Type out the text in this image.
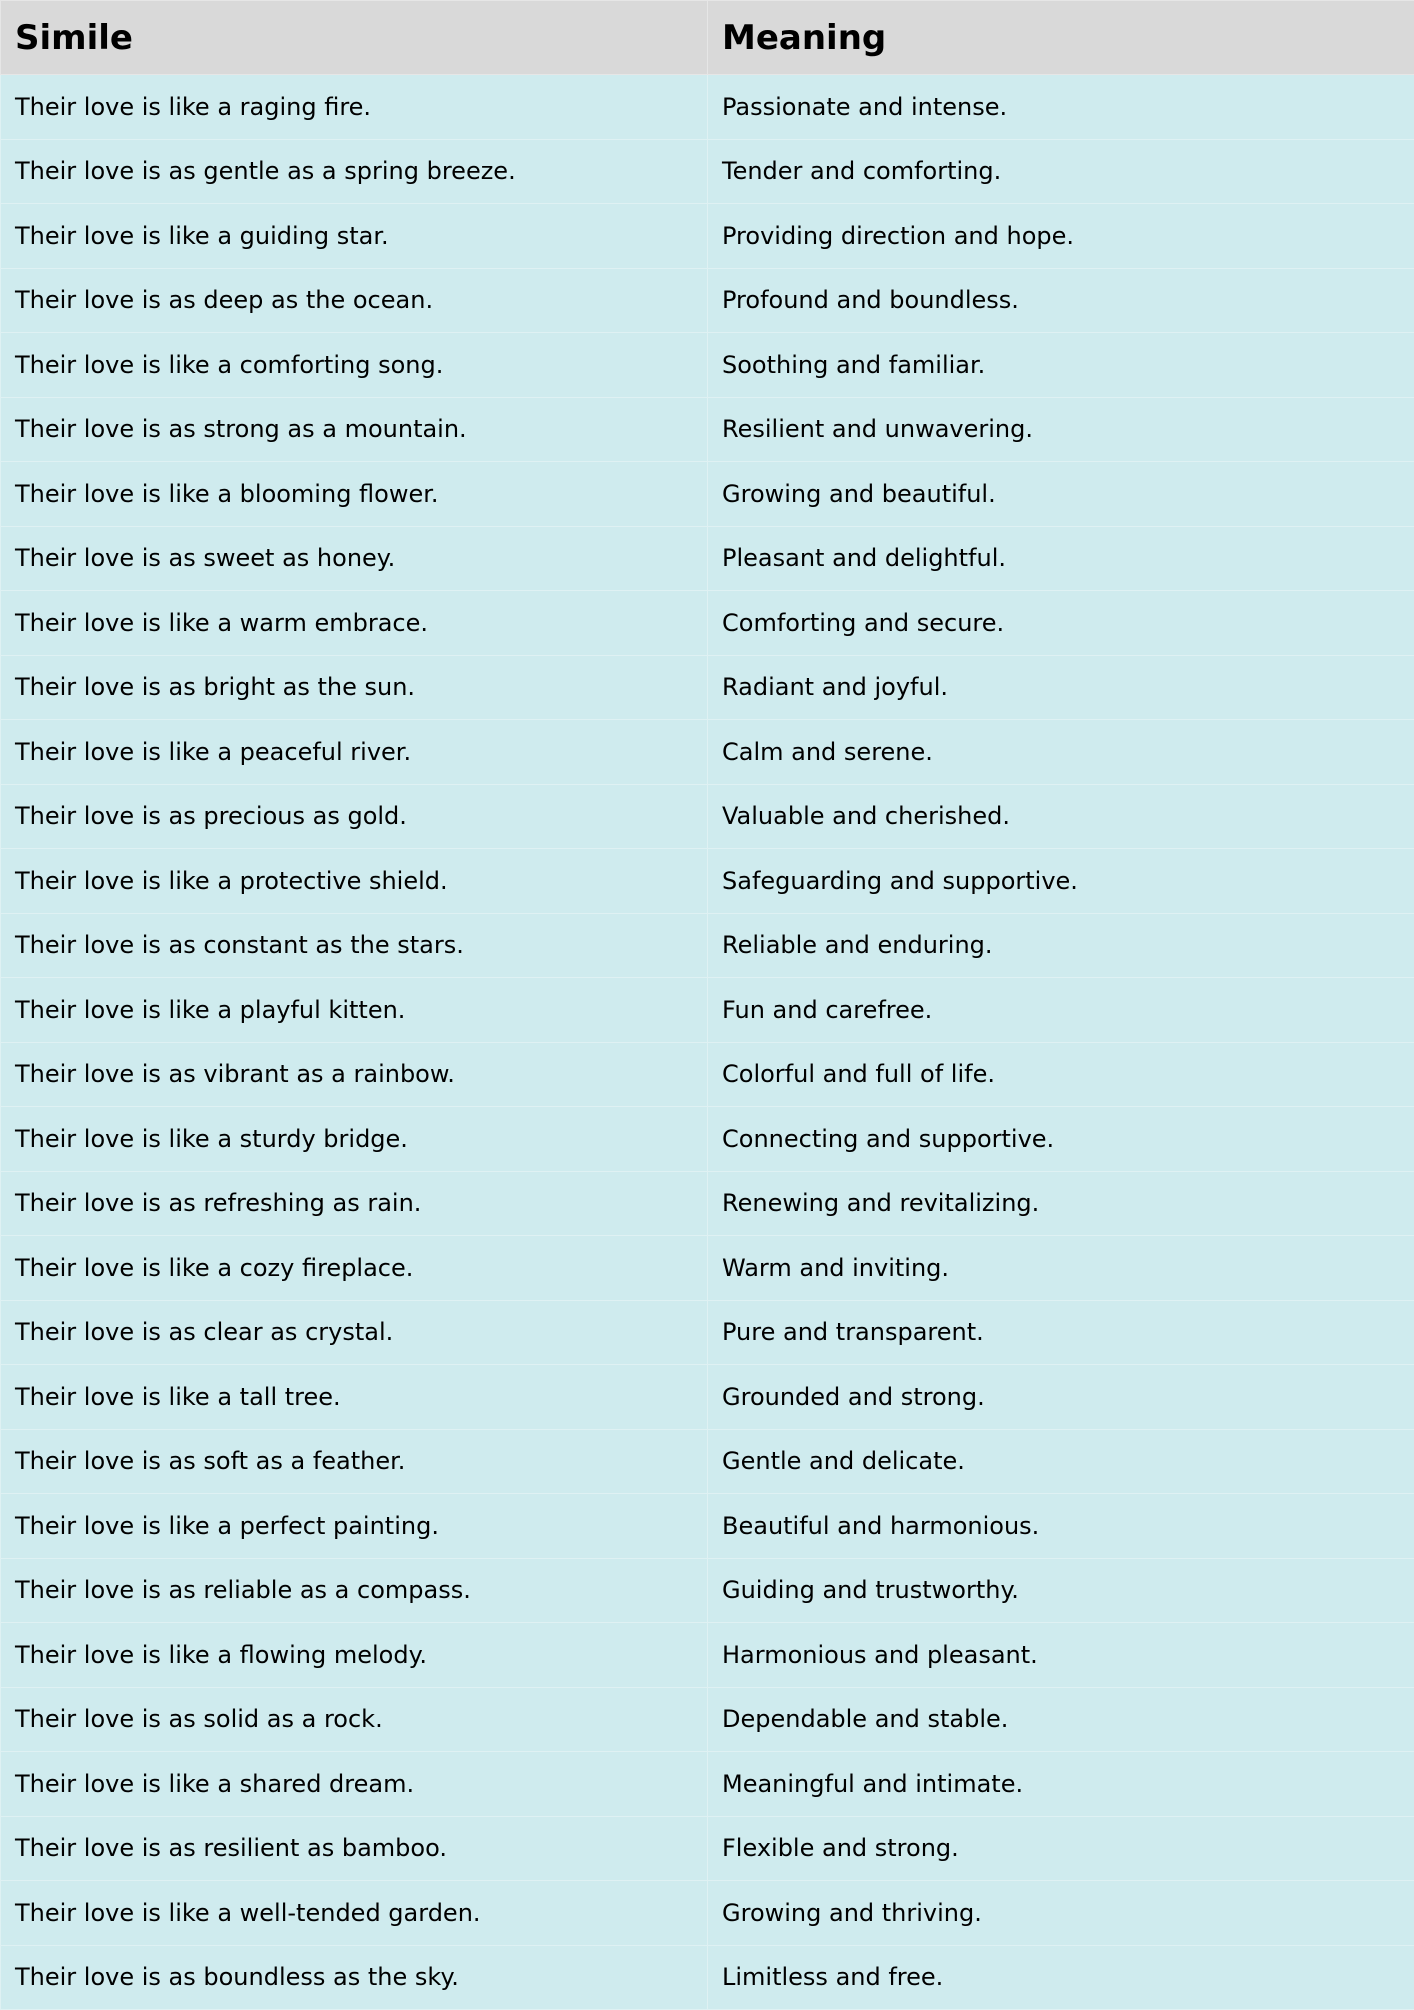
Simile	Meaning
Their love is like a raging fire.	Passionate and intense.
Their love is as gentle as a spring breeze.	Tender and comforting.
Their love is like a guiding star.	Providing direction and hope.
Their love is as deep as the ocean.	Profound and boundless.
Their love is like a comforting song.	Soothing and familiar.
Their love is as strong as a mountain.	Resilient and unwavering.
Their love is like a blooming flower.	Growing and beautiful.
Their love is as sweet as honey.	Pleasant and delightful.
Their love is like a warm embrace.	Comforting and secure.
Their love is as bright as the sun.	Radiant and joyful.
Their love is like a peaceful river.	Calm and serene.
Their love is as precious as gold.	Valuable and cherished.
Their love is like a protective shield.	Safeguarding and supportive.
Their love is as constant as the stars.	Reliable and enduring.
Their love is like a playful kitten.	Fun and carefree.
Their love is as vibrant as a rainbow.	Colorful and full of life.
Their love is like a sturdy bridge.	Connecting and supportive.
Their love is as refreshing as rain.	Renewing and revitalizing.
Their love is like a cozy fireplace.	Warm and inviting.
Their love is as clear as crystal.	Pure and transparent.
Their love is like a tall tree.	Grounded and strong.
Their love is as soft as a feather.	Gentle and delicate.
Their love is like a perfect painting.	Beautiful and harmonious.
Their love is as reliable as a compass.	Guiding and trustworthy.
Their love is like a flowing melody.	Harmonious and pleasant.
Their love is as solid as a rock.	Dependable and stable.
Their love is like a shared dream.	Meaningful and intimate.
Their love is as resilient as bamboo.	Flexible and strong.
Their love is like a well-tended garden.	Growing and thriving.
Their love is as boundless as the sky.	Limitless and free.
